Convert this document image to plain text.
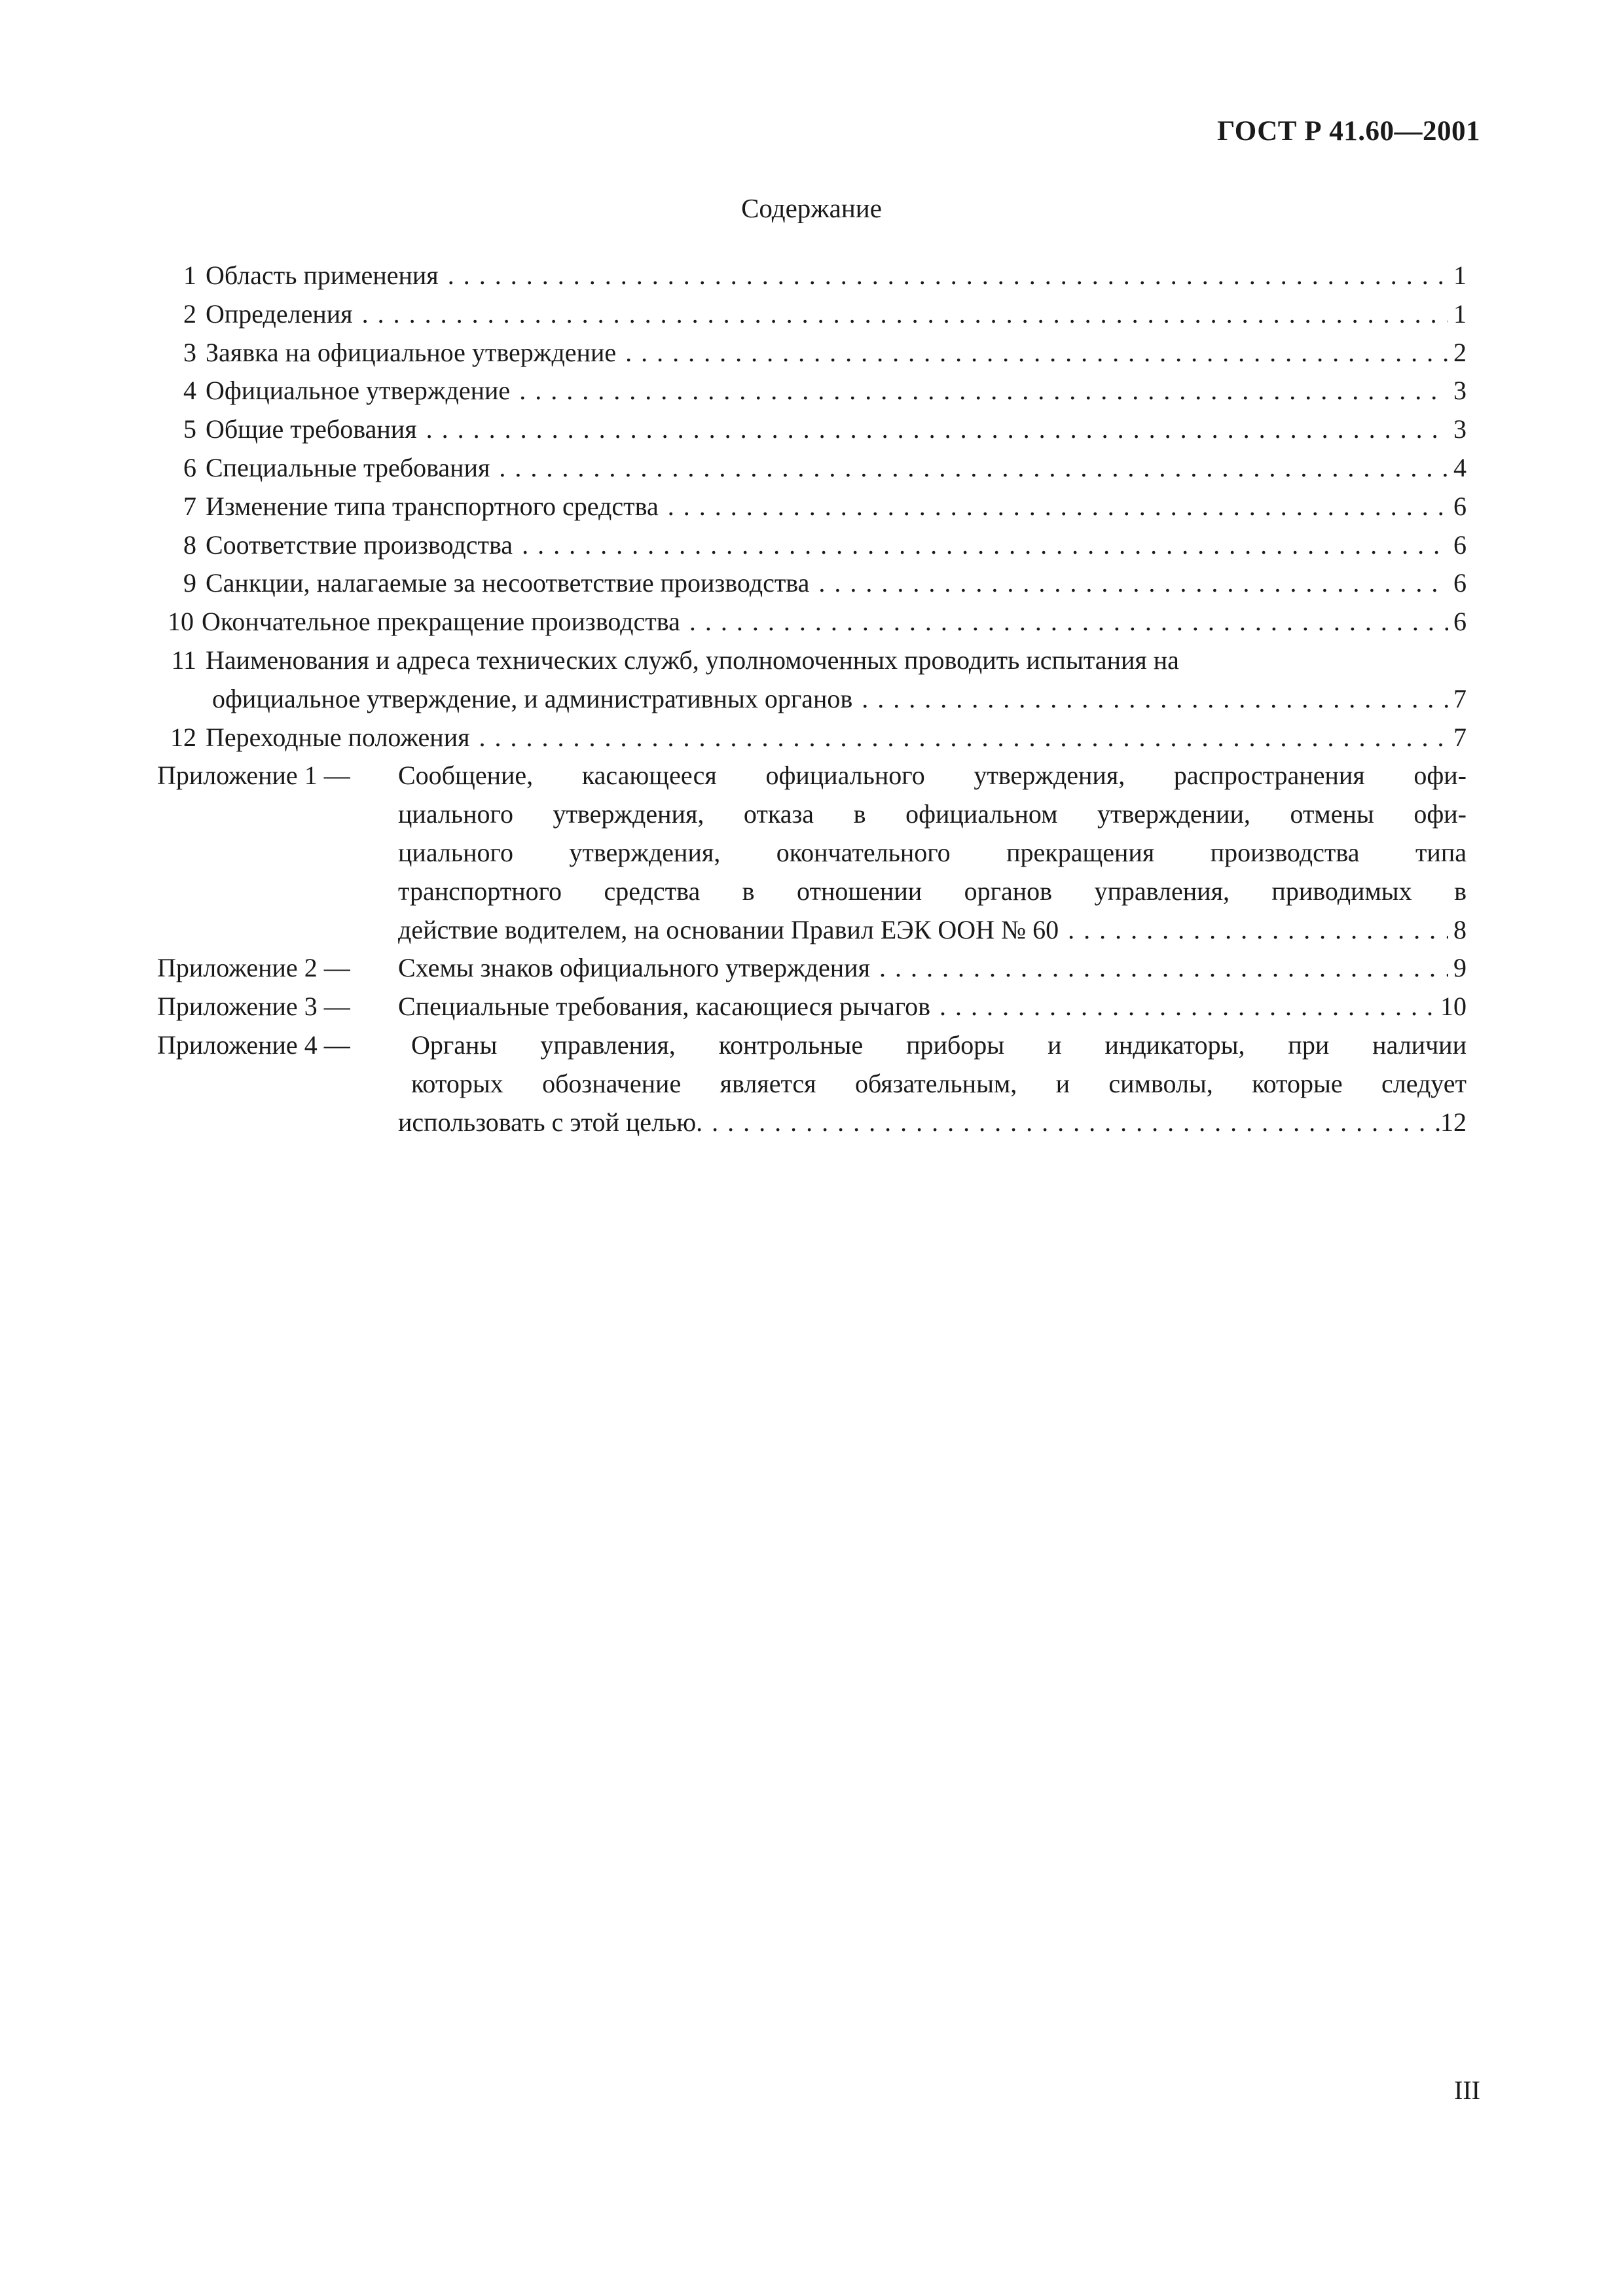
ГОСТ Р 41.60—2001
Содержание
1 Область применения . . .	1
2 Определения . . .	1
3 Заявка на официальное утверждение . . .	2
4 Официальное утверждение . . .	3
5 Общие требования . . .	3
6 Специальные требования . . .	4
7 Изменение типа транспортного средства . . .	6
8 Соответствие производства . . .	6
9 Санкции, налагаемые за несоответствие производства . . .	6
10 Окончательное прекращение производства . . .	6
11 Наименования и адреса технических служб, уполномоченных проводить испытания на
официальное утверждение, и административных органов . . .	7
12 Переходные положения . . .	7
Приложение 1 —	Сообщение, касающееся официального утверждения, распространения офи-
циального утверждения, отказа в официальном утверждении, отмены офи-
циального утверждения, окончательного прекращения производства типа
транспортного средства в отношении органов управления, приводимых в
действие водителем, на основании Правил ЕЭК ООН № 60 . . .	8
Приложение 2 —	Схемы знаков официального утверждения . . .	9
Приложение 3 —	Специальные требования, касающиеся рычагов . . .	10
Приложение 4 —	Органы управления, контрольные приборы и индикаторы, при наличии
которых обозначение является обязательным, и символы, которые следует
использовать с этой целью. . . .	12
III
